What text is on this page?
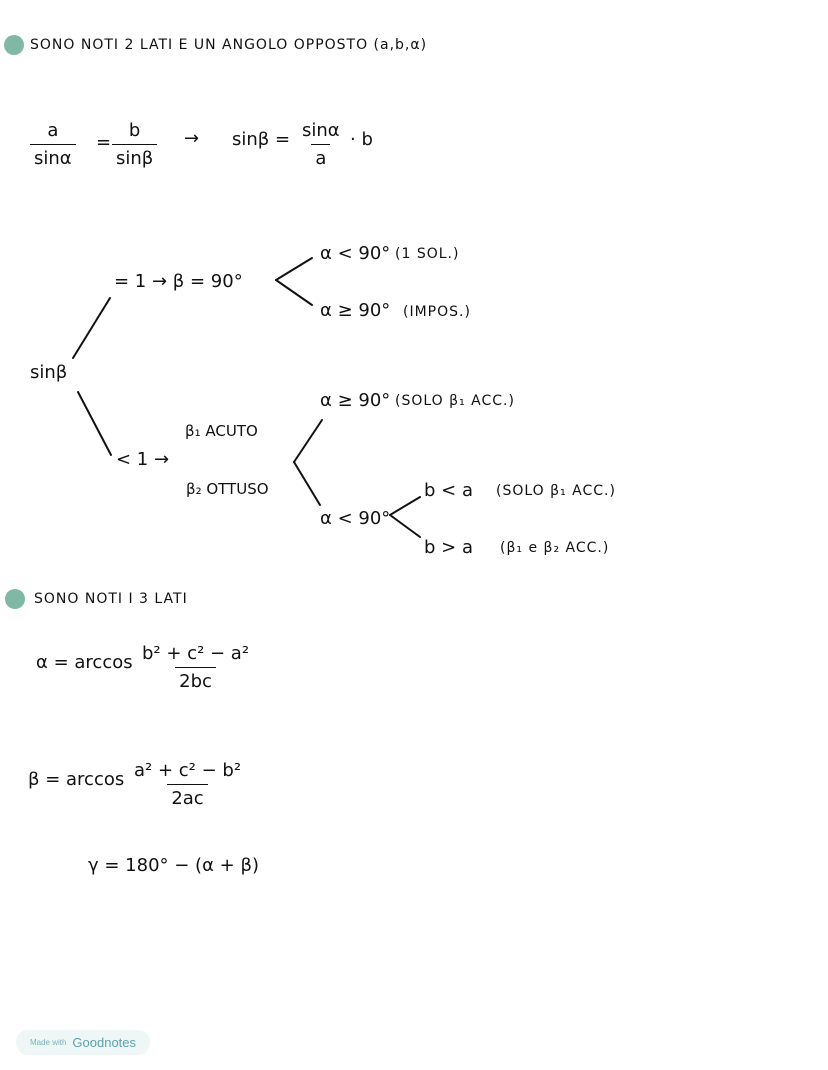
SONO NOTI 2 LATI E UN ANGOLO OPPOSTO (a,b,α)
$\frac{a}{\sin\alpha} = \frac{b}{\sin\beta} \to \sin\beta = \frac{\sin\alpha}{a} \cdot b$
sinβ
= 1 → β = 90°
α < 90° (1 SOL.)
α ≥ 90° (IMPOS.)
< 1 →
β₁ ACUTO
β₂ OTTUSO
α ≥ 90° (SOLO β₁ ACC.)
α < 90°
b < a (SOLO β₁ ACC.)
b > a (β₁ e β₂ ACC.)
SONO NOTI I 3 LATI
$\alpha = \arccos \frac{\text{b² + c² − a²}}{2bc}$
$\beta = \arccos \frac{\text{a² + c² − b²}}{2ac}$
γ = 180° − (α + β)
Made with Goodnotes
